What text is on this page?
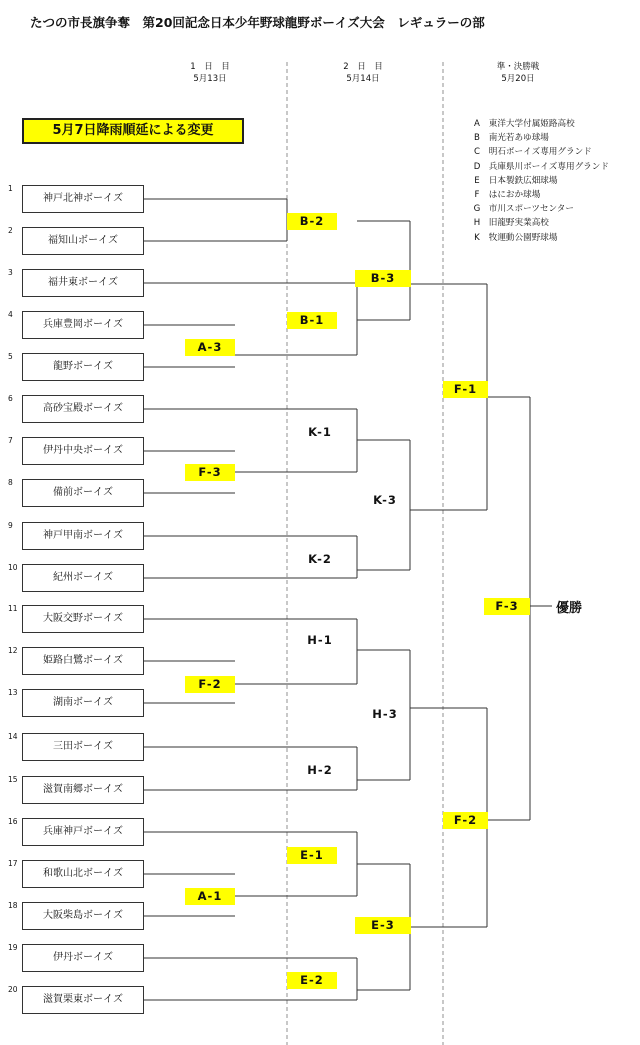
たつの市長旗争奪　第20回記念日本少年野球龍野ボーイズ大会　レギュラーの部
1　日　目
5月13日
2　日　目
5月14日
準・決勝戦
5月20日
5月7日降雨順延による変更	A 東洋大学付属姫路高校
B 南光若あゆ球場
C 明石ボーイズ専用グランド
D 兵庫県川ボーイズ専用グランド
E 日本製鉄広畑球場
F はにおか球場
G 市川スポーツセンター
H 旧龍野実業高校
K 牧運動公園野球場
1
神戸北神ボーイズ
2
福知山ボーイズ
3
福井東ボーイズ
4
兵庫豊岡ボーイズ
5
龍野ボーイズ
6
高砂宝殿ボーイズ
7
伊丹中央ボーイズ
8
備前ボーイズ
9
神戸甲南ボーイズ
10
紀州ボーイズ
11
大阪交野ボーイズ
12
姫路白鷺ボーイズ
13
湖南ボーイズ
14
三田ボーイズ
15
滋賀南郷ボーイズ
16
兵庫神戸ボーイズ
17
和歌山北ボーイズ
18
大阪柴島ボーイズ
19
伊丹ボーイズ
20
滋賀栗東ボーイズ
A-3
F-3
F-2
A-1
B-2
B-1
K-1
K-2
H-1
H-2
E-1
E-2
B-3
K-3
H-3
E-3
F-1
F-2
F-3	優勝
